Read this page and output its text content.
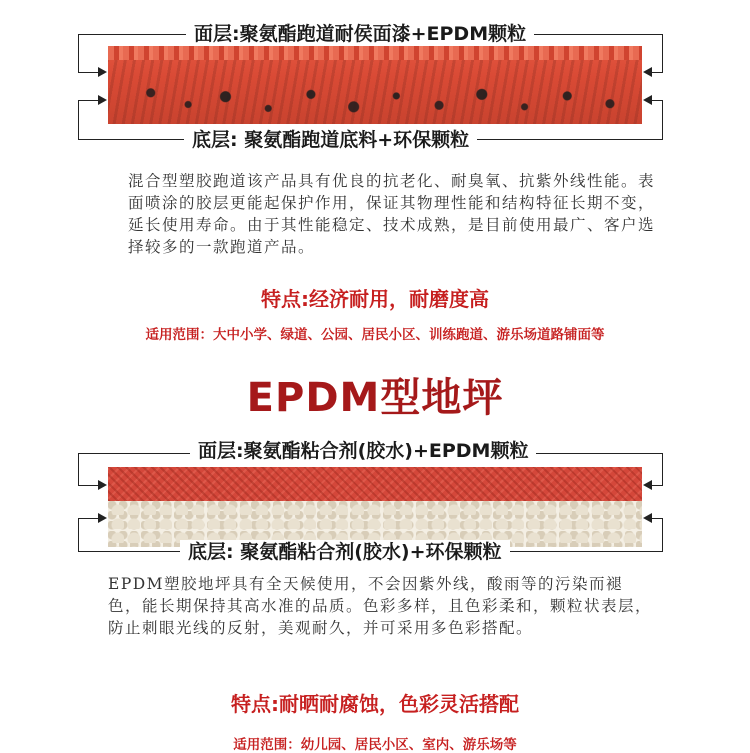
面层:聚氨酯跑道耐侯面漆+EPDM颗粒
底层: 聚氨酯跑道底料+环保颗粒
混合型塑胶跑道该产品具有优良的抗老化、耐臭氧、抗紫外线性能。表面喷涂的胶层更能起保护作用，保证其物理性能和结构特征长期不变，延长使用寿命。由于其性能稳定、技术成熟，是目前使用最广、客户选择较多的一款跑道产品。
特点:经济耐用，耐磨度高
适用范围：大中小学、绿道、公园、居民小区、训练跑道、游乐场道路铺面等
EPDM型地坪
面层:聚氨酯粘合剂(胶水)+EPDM颗粒
底层: 聚氨酯粘合剂(胶水)+环保颗粒
EPDM塑胶地坪具有全天候使用，不会因紫外线，酸雨等的污染而褪色，能长期保持其高水准的品质。色彩多样，且色彩柔和，颗粒状表层，防止刺眼光线的反射，美观耐久，并可采用多色彩搭配。
特点:耐晒耐腐蚀，色彩灵活搭配
适用范围：幼儿园、居民小区、室内、游乐场等
